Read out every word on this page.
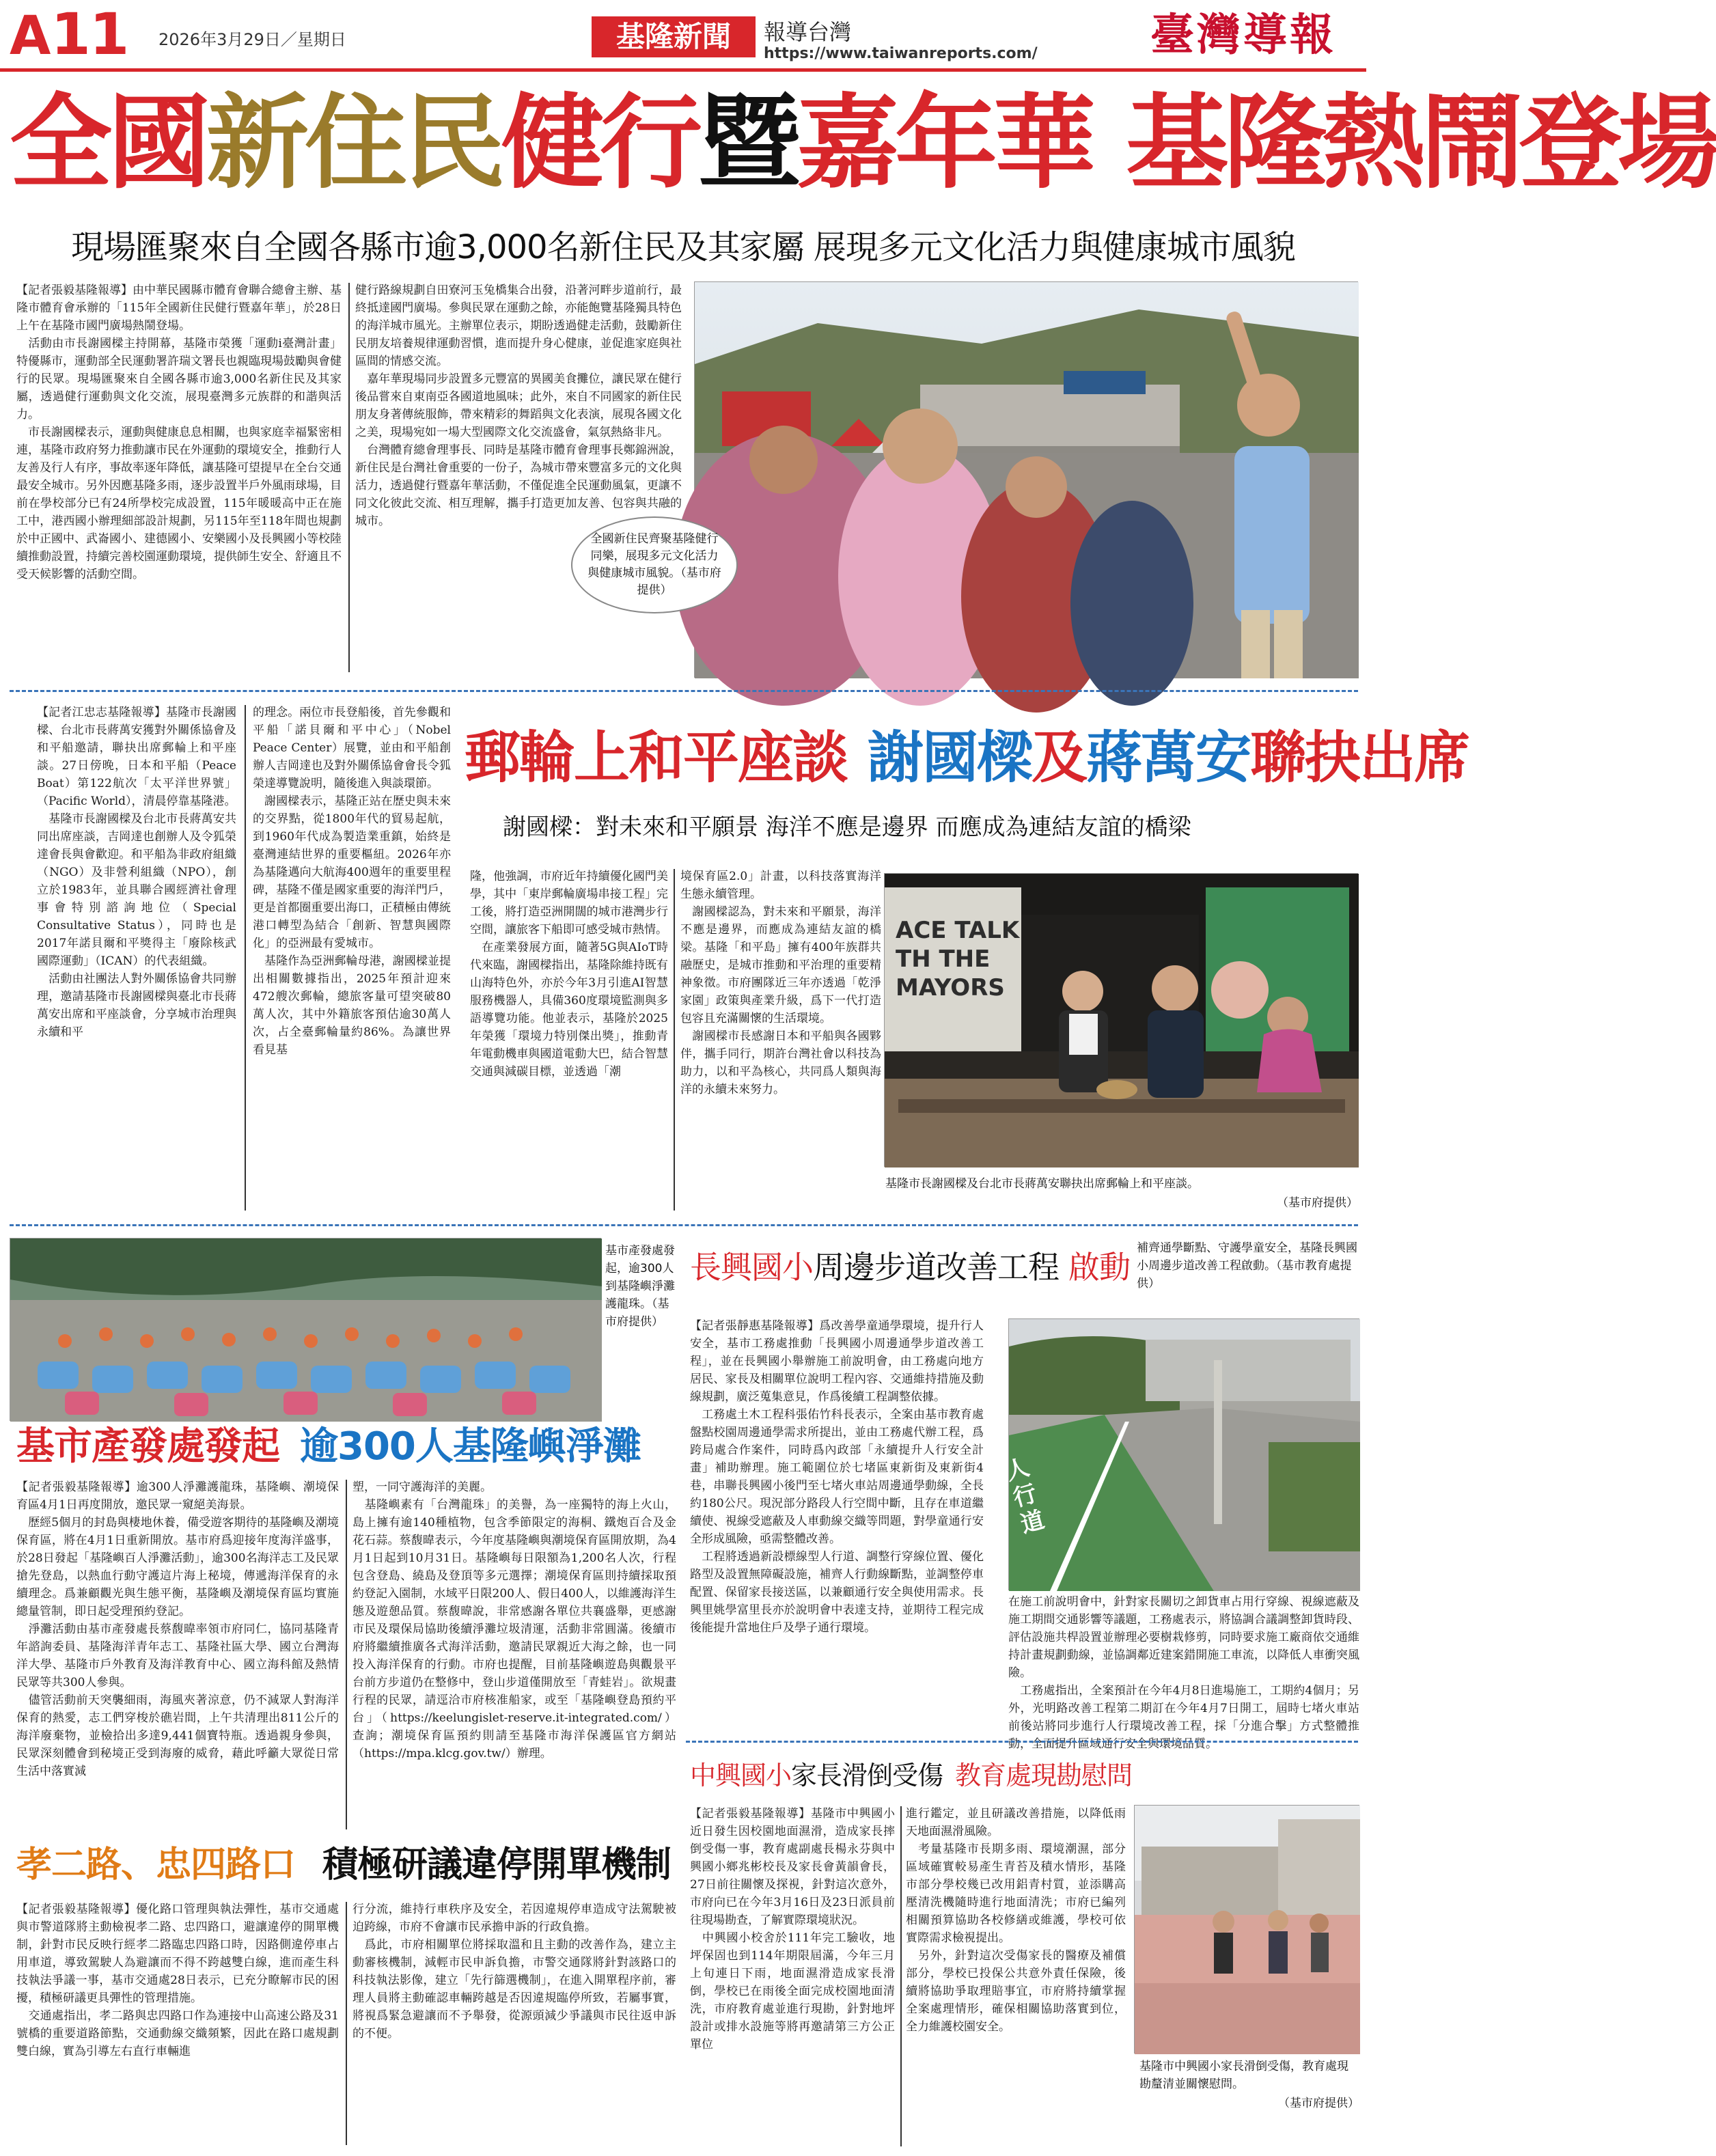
A11 2026年3月29日／星期日	基隆新聞	報導台灣
https://www.taiwanreports.com/	臺灣導報
全國新住民健行暨嘉年華 基隆熱鬧登場
現場匯聚來自全國各縣市逾3,000名新住民及其家屬 展現多元文化活力與健康城市風貌
【記者張毅基隆報導】由中華民國縣市體育會聯合總會主辦、基隆市體育會承辦的「115年全國新住民健行暨嘉年華」，於28日上午在基隆市國門廣場熱鬧登場。
　活動由市長謝國樑主持開幕，基隆市榮獲「運動i臺灣計畫」特優縣市，運動部全民運動署許瑞文署長也親臨現場鼓勵與會健行的民眾。現場匯聚來自全國各縣市逾3,000名新住民及其家屬，透過健行運動與文化交流，展現臺灣多元族群的和諧與活力。
　市長謝國樑表示，運動與健康息息相關，也與家庭幸福緊密相連，基隆市政府努力推動讓市民在外運動的環境安全，推動行人友善及行人有序，事故率逐年降低，讓基隆可望提早在全台交通最安全城市。另外因應基隆多雨，逐步設置半戶外風雨球場，目前在學校部分已有24所學校完成設置，115年暖暖高中正在施工中，港西國小辦理細部設計規劃，另115年至118年間也規劃於中正國中、武崙國小、建德國小、安樂國小及長興國小等校陸續推動設置，持續完善校園運動環境，提供師生安全、舒適且不受天候影響的活動空間。
健行路線規劃自田寮河玉兔橋集合出發，沿著河畔步道前行，最終抵達國門廣場。參與民眾在運動之餘，亦能飽覽基隆獨具特色的海洋城市風光。主辦單位表示，期盼透過健走活動，鼓勵新住民朋友培養規律運動習慣，進而提升身心健康，並促進家庭與社區間的情感交流。
　嘉年華現場同步設置多元豐富的異國美食攤位，讓民眾在健行後品嘗來自東南亞各國道地風味；此外，來自不同國家的新住民朋友身著傳統服飾，帶來精彩的舞蹈與文化表演，展現各國文化之美，現場宛如一場大型國際文化交流盛會，氣氛熱絡非凡。
　台灣體育總會理事長、同時是基隆市體育會理事長鄭錦洲說，新住民是台灣社會重要的一份子，為城市帶來豐富多元的文化與活力，透過健行暨嘉年華活動，不僅促進全民運動風氣，更讓不同文化彼此交流、相互理解，攜手打造更加友善、包容與共融的城市。
全國新住民齊聚基隆健行同樂，展現多元文化活力與健康城市風貌。（基市府提供）
【記者江忠志基隆報導】基隆市長謝國樑、台北市長蔣萬安獲對外關係協會及和平船邀請，聯抉出席郵輪上和平座談。27日傍晚，日本和平船（Peace Boat）第122航次「太平洋世界號」（Pacific World），清晨停靠基隆港。
　基隆市長謝國樑及台北市長蔣萬安共同出席座談，吉岡達也創辦人及令狐榮達會長與會歡迎。和平船為非政府組織（NGO）及非營利組織（NPO），創立於1983年，並具聯合國經濟社會理事會特別諮詢地位（Special Consultative Status），同時也是2017年諾貝爾和平獎得主「廢除核武國際運動」（ICAN）的代表組織。
　活動由社團法人對外關係協會共同辦理，邀請基隆市長謝國樑與臺北市長蔣萬安出席和平座談會，分享城市治理與永續和平
的理念。兩位市長登船後，首先參觀和平船「諾貝爾和平中心」（Nobel Peace Center）展覽，並由和平船創辦人吉岡達也及對外關係協會會長令狐榮達導覽說明，隨後進入與談環節。
　謝國樑表示，基隆正站在歷史與未來的交界點，從1800年代的貿易起航，到1960年代成為製造業重鎮，始終是臺灣連結世界的重要樞紐。2026年亦為基隆邁向大航海400週年的重要里程碑，基隆不僅是國家重要的海洋門戶，更是首都圈重要出海口，正積極由傳統港口轉型為結合「創新、智慧與國際化」的亞洲最有愛城市。
　基隆作為亞洲郵輪母港，謝國樑並提出相關數據指出，2025年預計迎來472艘次郵輪，總旅客量可望突破80萬人次，其中外籍旅客預估逾30萬人次，占全臺郵輪量約86%。為讓世界看見基
郵輪上和平座談 謝國樑及蔣萬安聯抉出席
謝國樑：對未來和平願景 海洋不應是邊界 而應成為連結友誼的橋梁
隆，他強調，市府近年持續優化國門美學，其中「東岸郵輪廣場串接工程」完工後，將打造亞洲開闊的城市港灣步行空間，讓旅客下船即可感受城市熱情。
　在產業發展方面，隨著5G與AIoT時代來臨，謝國樑指出，基隆除維持既有山海特色外，亦於今年3月引進AI智慧服務機器人，具備360度環境監測與多語導覽功能。他並表示，基隆於2025年榮獲「環境力特別傑出獎」，推動青年電動機車與國道電動大巴，結合智慧交通與減碳目標，並透過「潮
境保育區2.0」計畫，以科技落實海洋生態永續管理。
　謝國樑認為，對未來和平願景，海洋不應是邊界，而應成為連結友誼的橋梁。基隆「和平島」擁有400年族群共融歷史，是城市推動和平治理的重要精神象徵。市府團隊近三年亦透過「乾淨家園」政策與產業升級，爲下一代打造包容且充滿關懷的生活環境。
　謝國樑市長感謝日本和平船與各國夥伴，攜手同行，期許台灣社會以科技為助力，以和平為核心，共同爲人類與海洋的永續未來努力。
ACE TALK
TH THE MAYORS
基隆市長謝國樑及台北市長蔣萬安聯抉出席郵輪上和平座談。
（基市府提供）
基市產發處發起，逾300人到基隆嶼淨灘護龍珠。（基市府提供）
基市產發處發起 逾300人基隆嶼淨灘
【記者張毅基隆報導】逾300人淨灘護龍珠，基隆嶼、潮境保育區4月1日再度開放，邀民眾一窺絕美海景。
　歷經5個月的封島與棲地休養，備受遊客期待的基隆嶼及潮境保育區，將在4月1日重新開放。基市府爲迎接年度海洋盛事，於28日發起「基隆嶼百人淨灘活動」，逾300名海洋志工及民眾搶先登島，以熱血行動守護這片海上秘境，傳遞海洋保育的永續理念。爲兼顧觀光與生態平衡，基隆嶼及潮境保育區均實施總量管制，即日起受理預約登記。
　淨灘活動由基市產發處長蔡馥暐率領市府同仁，協同基隆青年諮詢委員、基隆海洋青年志工、基隆社區大學、國立台灣海洋大學、基隆市戶外教育及海洋教育中心、國立海科館及熱情民眾等共300人參與。
　儘管活動前天突襲細雨，海風夾著涼意，仍不減眾人對海洋保育的熱愛，志工們穿梭於礁岩間，上午共清理出811公斤的海洋廢棄物，並檢拾出多達9,441個寶特瓶。透過親身參與，民眾深刻體會到秘境正受到海廢的威脅，藉此呼籲大眾從日常生活中落實減
塑，一同守護海洋的美麗。
　基隆嶼素有「台灣龍珠」的美譽，為一座獨特的海上火山，島上擁有逾140種植物，包含季節限定的海桐、鐵炮百合及金花石蒜。蔡馥暐表示，今年度基隆嶼與潮境保育區開放期，為4月1日起到10月31日。基隆嶼每日限額為1,200名人次，行程包含登島、繞島及登頂等多元選擇；潮境保育區則持續採取預約登記入園制，水域平日限200人、假日400人，以維護海洋生態及遊憩品質。蔡馥暐說，非常感謝各單位共襄盛舉，更感謝市民及環保局協助後續淨灘垃圾清運，活動非常圓滿。後續市府將繼續推廣各式海洋活動，邀請民眾親近大海之餘，也一同投入海洋保育的行動。市府也提醒，目前基隆嶼遊島與觀景平台前方步道仍在整修中，登山步道僅開放至「青蛙岩」。欲規畫行程的民眾，請逕洽市府核准船家，或至「基隆嶼登島預約平台」（https://keelungislet-reserve.it-integrated.com/）查詢；潮境保育區預約則請至基隆市海洋保護區官方網站（https://mpa.klcg.gov.tw/）辦理。
長興國小周邊步道改善工程 啟動
補齊通學斷點、守護學童安全，基隆長興國小周邊步道改善工程啟動。（基市教育處提供）
【記者張靜惠基隆報導】爲改善學童通學環境，提升行人安全，基市工務處推動「長興國小周邊通學步道改善工程」，並在長興國小舉辦施工前說明會，由工務處向地方居民、家長及相關單位說明工程內容、交通維持措施及動線規劃，廣泛蒐集意見，作爲後續工程調整依據。
　工務處土木工程科張佑竹科長表示，全案由基市教育處盤點校園周邊通學需求所提出，並由工務處代辦工程，爲跨局處合作案件，同時爲內政部「永續提升人行安全計畫」補助辦理。施工範圍位於七堵區東新街及東新街4巷，串聯長興國小後門至七堵火車站周邊通學動線，全長約180公尺。現況部分路段人行空間中斷，且存在車道繼續使、視線受遮蔽及人車動線交織等問題，對學童通行安全形成風險，亟需整體改善。
　工程將透過新設標線型人行道、調整行穿線位置、優化路型及設置無障礙設施，補齊人行動線斷點，並調整停車配置、保留家長接送區，以兼顧通行安全與使用需求。長興里姚學富里長亦於說明會中表達支持，並期待工程完成後能提升當地住戶及學子通行環境。
人行道
在施工前說明會中，針對家長關切之卸貨車占用行穿線、視線遮蔽及施工期間交通影響等議題，工務處表示，將協調合議調整卸貨時段、評估設施共桿設置並辦理必要樹栽修剪，同時要求施工廠商依交通維持計畫規劃動線，並協調鄰近建案錯開施工車流，以降低人車衝突風險。
　工務處指出，全案預計在今年4月8日進場施工，工期約4個月；另外，光明路改善工程第二期訂在今年4月7日開工，屆時七堵火車站前後站將同步進行人行環境改善工程，採「分進合擊」方式整體推動，全面提升區域通行安全與環境品質。
孝二路、忠四路口 積極研議違停開單機制
【記者張毅基隆報導】優化路口管理與執法彈性，基市交通處與市警道隊將主動檢視孝二路、忠四路口，避讓違停的開單機制，針對市民反映行經孝二路臨忠四路口時，因路側違停車占用車道，導致駕駛人為避讓而不得不跨越雙白線，進而產生科技執法爭議一事，基市交通處28日表示，已充分瞭解市民的困擾，積極研議更具彈性的管理措施。
　交通處指出，孝二路與忠四路口作為連接中山高速公路及31號橋的重要道路節點，交通動線交織頻繁，因此在路口處規劃雙白線，實為引導左右直行車輛進
行分流，維持行車秩序及安全，若因違規停車造成守法駕駛被迫跨線，市府不會讓市民承擔申訴的行政負擔。
　爲此，市府相關單位將採取溫和且主動的改善作為，建立主動審核機制，減輕市民申訴負擔，市警交通隊將針對該路口的科技執法影像，建立「先行篩選機制」，在進入開單程序前，審理人員將主動確認車輛跨越是否因違規臨停所致，若屬事實，將視爲緊急避讓而不予舉發，從源頭減少爭議與市民往返申訴的不便。
中興國小家長滑倒受傷 教育處現勘慰問
【記者張毅基隆報導】基隆市中興國小近日發生因校園地面濕滑，造成家長摔倒受傷一事，教育處副處長楊永芬與中興國小鄉兆彬校長及家長會黃韻會長，27日前往關懷及探視，針對這次意外，市府向已在今年3月16日及23日派員前往現場勘查，了解實際環境狀況。
　中興國小校舍於111年完工驗收，地坪保固也到114年期限屆滿，今年三月上旬連日下雨，地面濕滑造成家長滑倒，學校已在雨後全面完成校園地面清洗，市府教育處並進行現勘，針對地坪設計或排水設施等將再邀請第三方公正單位
進行鑑定，並且研議改善措施，以降低雨天地面濕滑風險。
　考量基隆市長期多雨、環境潮濕，部分區域確實較易產生青苔及積水情形，基隆市部分學校幾已改用鋁青村質，並添購高壓清洗機隨時進行地面清洗；市府已編列相關預算協助各校修繕或維護，學校可依實際需求檢視提出。
　另外，針對這次受傷家長的醫療及補償部分，學校已投保公共意外責任保險，後續將協助爭取理賠事宜，市府將持續掌握全案處理情形，確保相關協助落實到位，全力維護校園安全。
基隆市中興國小家長滑倒受傷，教育處現勘釐清並關懷慰問。
（基市府提供）
